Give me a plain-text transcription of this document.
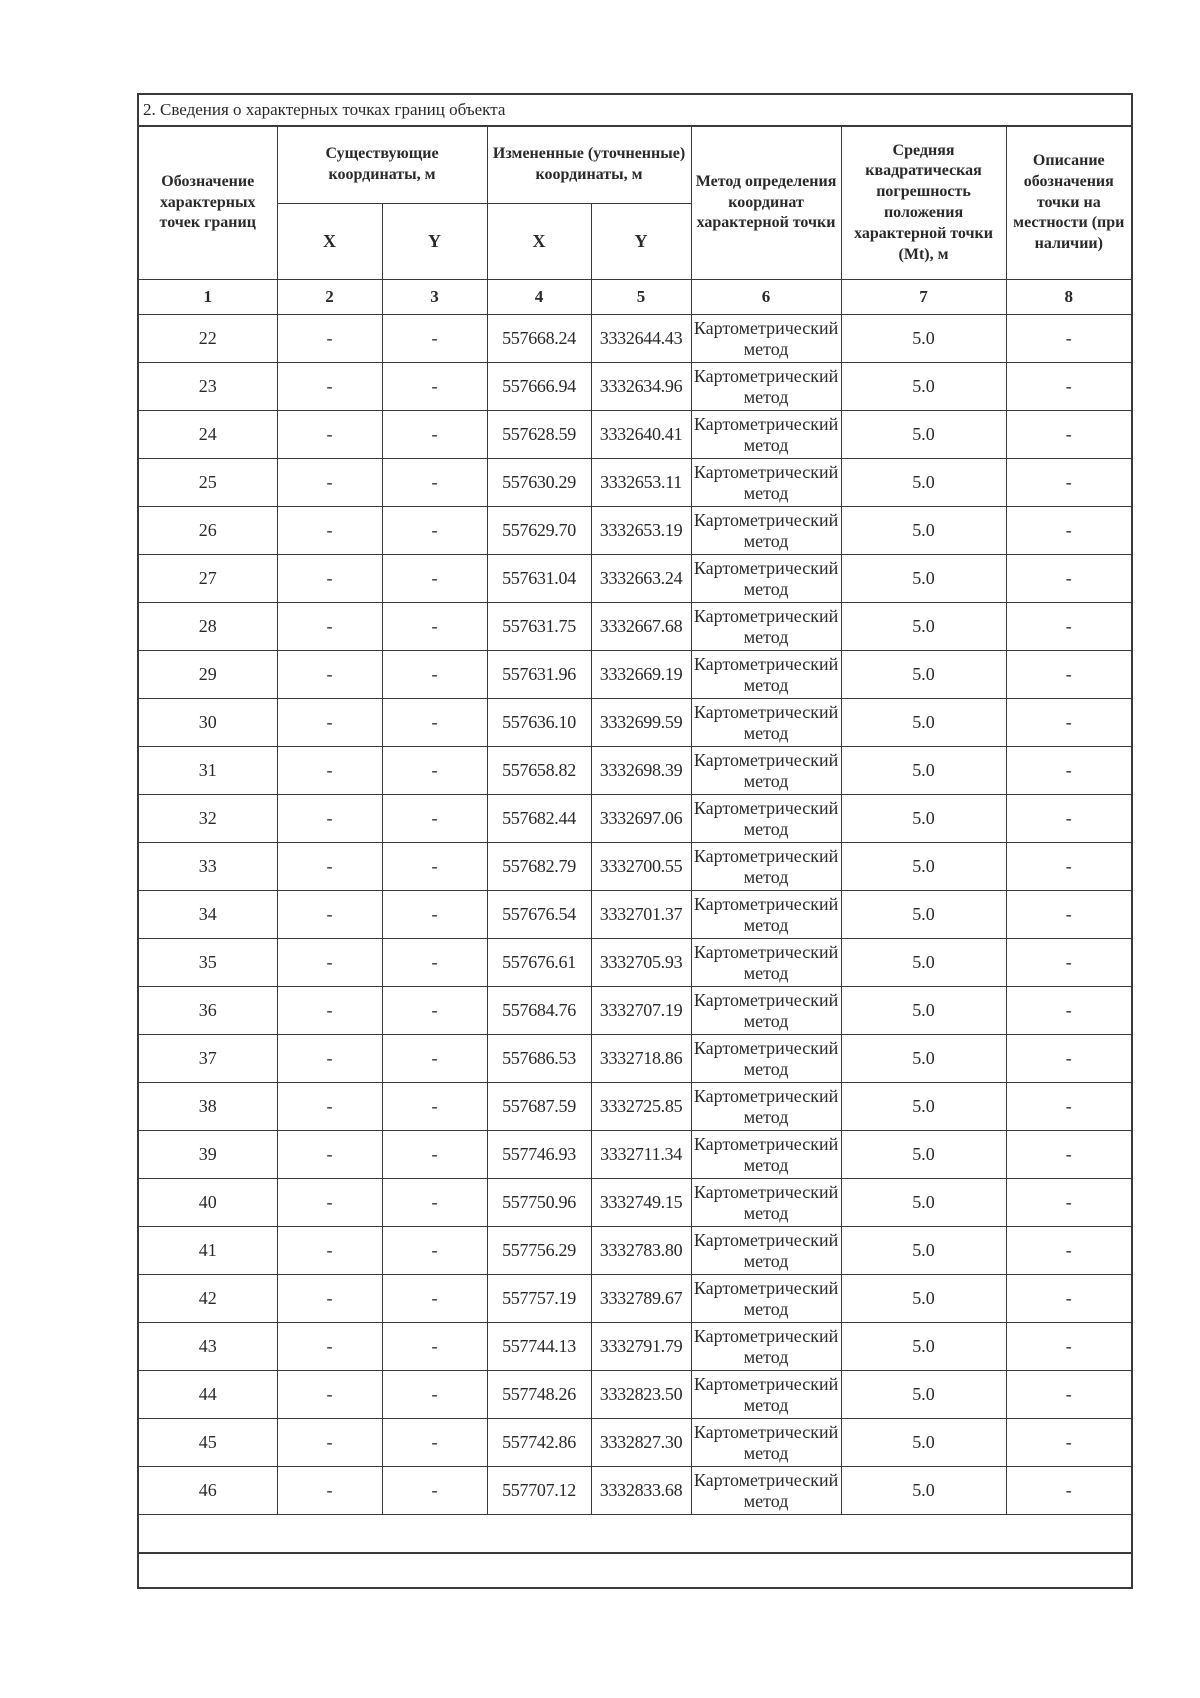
2. Сведения о характерных точках границ объекта
Обозначение характерных точек границ	Существующие координаты, м		Измененные (уточненные) координаты, м		Метод определения координат характерной точки	Средняя квадратическая погрешность положения характерной точки (Mt), м	Описание обозначения точки на местности (при наличии)
	X	Y	X	Y			
1	2	3	4	5	6	7	8
22	-	-	557668.24	3332644.43	Картометрический метод	5.0	-
23	-	-	557666.94	3332634.96	Картометрический метод	5.0	-
24	-	-	557628.59	3332640.41	Картометрический метод	5.0	-
25	-	-	557630.29	3332653.11	Картометрический метод	5.0	-
26	-	-	557629.70	3332653.19	Картометрический метод	5.0	-
27	-	-	557631.04	3332663.24	Картометрический метод	5.0	-
28	-	-	557631.75	3332667.68	Картометрический метод	5.0	-
29	-	-	557631.96	3332669.19	Картометрический метод	5.0	-
30	-	-	557636.10	3332699.59	Картометрический метод	5.0	-
31	-	-	557658.82	3332698.39	Картометрический метод	5.0	-
32	-	-	557682.44	3332697.06	Картометрический метод	5.0	-
33	-	-	557682.79	3332700.55	Картометрический метод	5.0	-
34	-	-	557676.54	3332701.37	Картометрический метод	5.0	-
35	-	-	557676.61	3332705.93	Картометрический метод	5.0	-
36	-	-	557684.76	3332707.19	Картометрический метод	5.0	-
37	-	-	557686.53	3332718.86	Картометрический метод	5.0	-
38	-	-	557687.59	3332725.85	Картометрический метод	5.0	-
39	-	-	557746.93	3332711.34	Картометрический метод	5.0	-
40	-	-	557750.96	3332749.15	Картометрический метод	5.0	-
41	-	-	557756.29	3332783.80	Картометрический метод	5.0	-
42	-	-	557757.19	3332789.67	Картометрический метод	5.0	-
43	-	-	557744.13	3332791.79	Картометрический метод	5.0	-
44	-	-	557748.26	3332823.50	Картометрический метод	5.0	-
45	-	-	557742.86	3332827.30	Картометрический метод	5.0	-
46	-	-	557707.12	3332833.68	Картометрический метод	5.0	-
